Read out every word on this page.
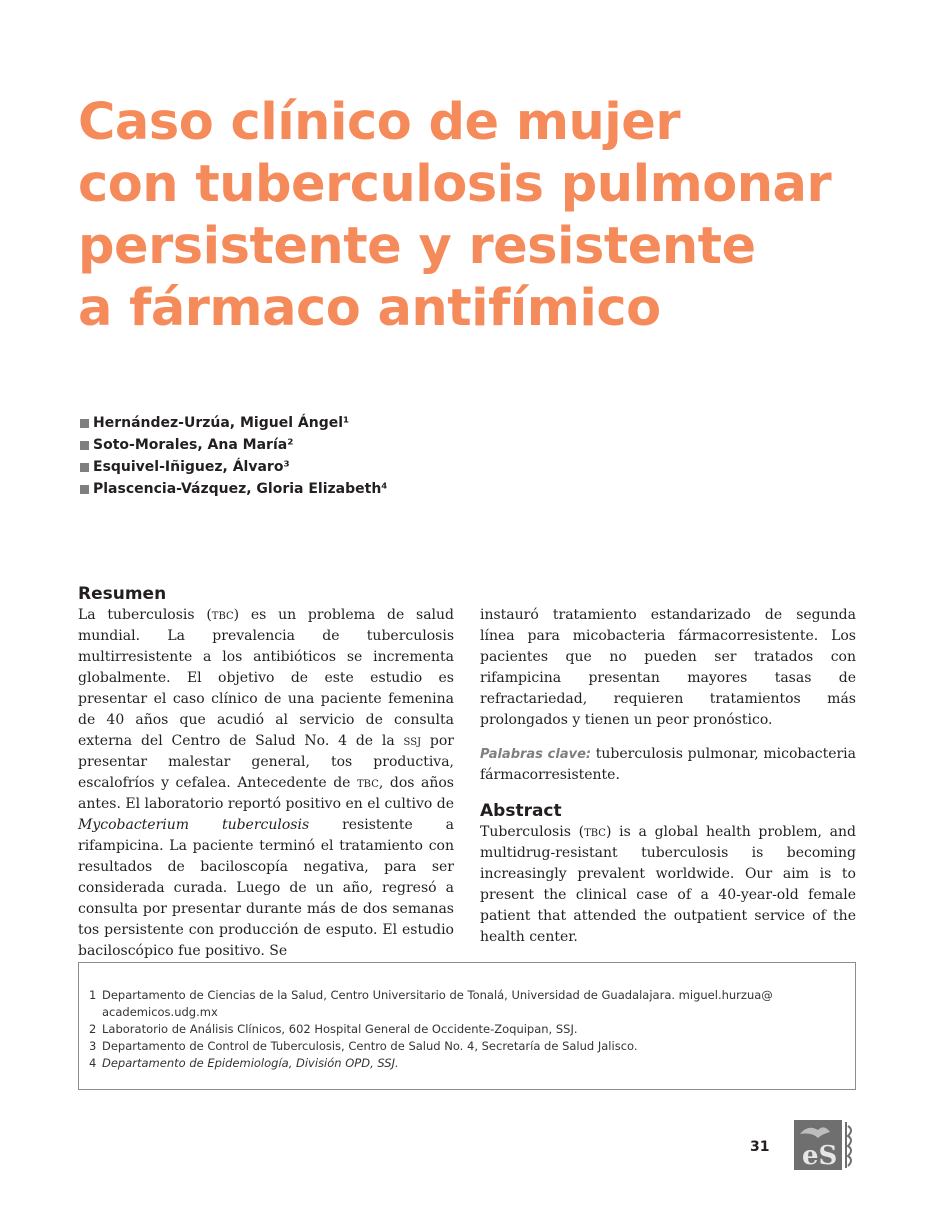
Caso clínico de mujer
con tuberculosis pulmonar
persistente y resistente
a fármaco antifímico
Hernández-Urzúa, Miguel Ángel¹
Soto-Morales, Ana María²
Esquivel-Iñiguez, Álvaro³
Plascencia-Vázquez, Gloria Elizabeth⁴
Resumen

La tuberculosis (tbc) es un problema de salud mundial. La prevalencia de tuberculosis multirresistente a los antibióticos se incrementa globalmente. El objetivo de este estudio es presentar el caso clínico de una paciente femenina de 40 años que acudió al servicio de consulta externa del Centro de Salud No. 4 de la ssj por presentar malestar general, tos productiva, escalofríos y cefalea. Antecedente de tbc, dos años antes. El laboratorio reportó positivo en el cultivo de Mycobacterium tuberculosis resistente a rifampicina. La paciente terminó el tratamiento con resultados de baciloscopía negativa, para ser considerada curada. Luego de un año, regresó a consulta por presentar durante más de dos semanas tos persistente con producción de esputo. El estudio baciloscópico fue positivo. Se

instauró tratamiento estandarizado de segunda línea para micobacteria fármacorresistente. Los pacientes que no pueden ser tratados con rifampicina presentan mayores tasas de refractariedad, requieren tratamientos más prolongados y tienen un peor pronóstico.

Palabras clave: tuberculosis pulmonar, micobacteria fármacorresistente.

Abstract

Tuberculosis (tbc) is a global health problem, and multidrug-resistant tuberculosis is becoming increasingly prevalent worldwide. Our aim is to present the clinical case of a 40-year-old female patient that attended the outpatient service of the health center.

1 Departamento de Ciencias de la Salud, Centro Universitario de Tonalá, Universidad de Guadalajara. miguel.hurzua@ academicos.udg.mx
2 Laboratorio de Análisis Clínicos, 602 Hospital General de Occidente-Zoquipan, SSJ.
3 Departamento de Control de Tuberculosis, Centro de Salud No. 4, Secretaría de Salud Jalisco.
4 Departamento de Epidemiología, División OPD, SSJ.
31 eS
